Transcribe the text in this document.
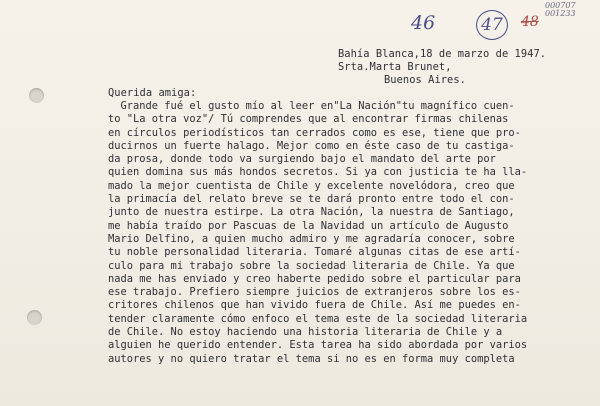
46	47	48
000707
001233
Bahía Blanca,18 de marzo de 1947.
Srta.Marta Brunet,
Buenos Aires.
Querida amiga:
Grande fué el gusto mío al leer en"La Nación"tu magnífico cuen-
to "La otra voz"/ Tú comprendes que al encontrar firmas chilenas
en círculos periodísticos tan cerrados como es ese, tiene que pro-
ducirnos un fuerte halago. Mejor como en éste caso de tu castiga-
da prosa, donde todo va surgiendo bajo el mandato del arte por
quien domina sus más hondos secretos. Si ya con justicia te ha lla-
mado la mejor cuentista de Chile y excelente novelódora, creo que
la primacía del relato breve se te dará pronto entre todo el con-
junto de nuestra estirpe. La otra Nación, la nuestra de Santiago,
me había traído por Pascuas de la Navidad un artículo de Augusto
Mario Delfino, a quien mucho admiro y me agradaría conocer, sobre
tu noble personalidad literaria. Tomaré algunas citas de ese artí-
culo para mi trabajo sobre la sociedad literaria de Chile. Ya que
nada me has enviado y creo haberte pedido sobre el particular para
ese trabajo. Prefiero siempre juicios de extranjeros sobre los es-
critores chilenos que han vivido fuera de Chile. Así me puedes en-
tender claramente cómo enfoco el tema este de la sociedad literaria
de Chile. No estoy haciendo una historia literaria de Chile y a
alguien he querido entender. Esta tarea ha sido abordada por varios
autores y no quiero tratar el tema si no es en forma muy completa
